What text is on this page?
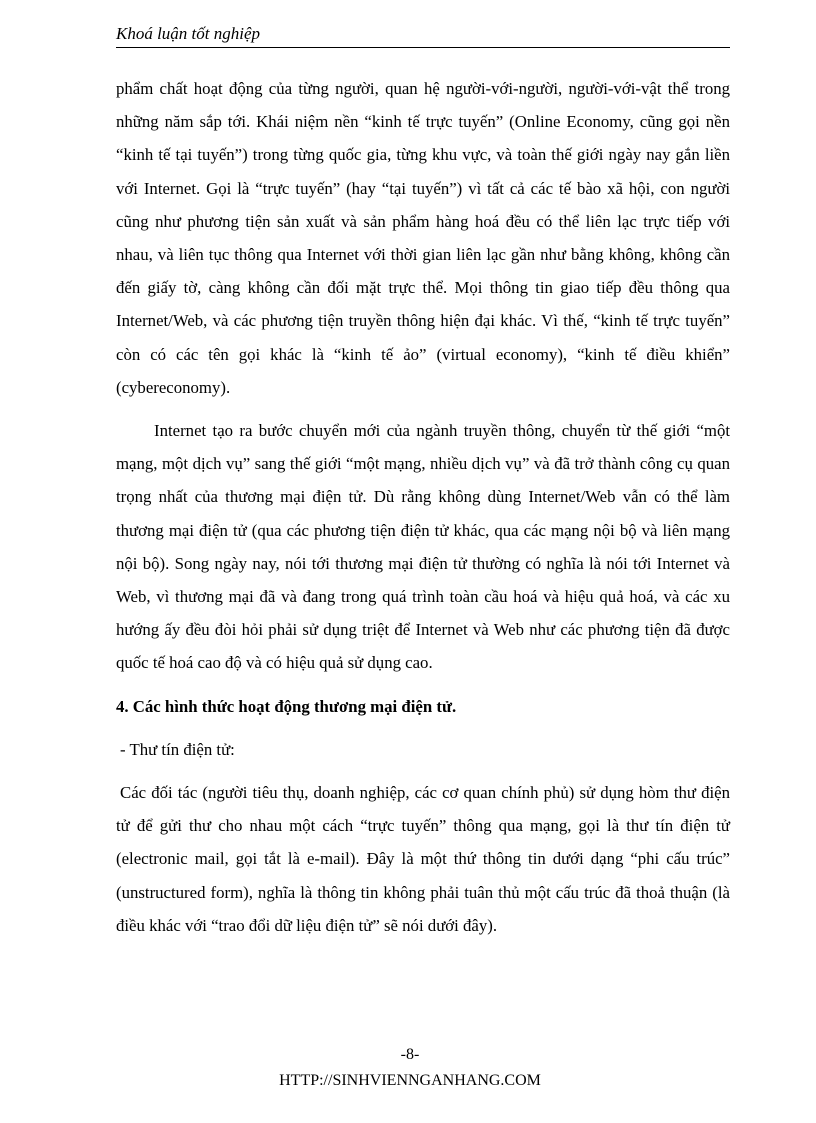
Khoá luận tốt nghiệp

phẩm chất hoạt động của từng người, quan hệ người-với-người, người-với-vật thể trong những năm sắp tới. Khái niệm nền “kinh tế trực tuyến” (Online Economy, cũng gọi nền “kinh tế tại tuyến”) trong từng quốc gia, từng khu vực, và toàn thế giới ngày nay gắn liền với Internet. Gọi là “trực tuyến” (hay “tại tuyến”) vì tất cả các tế bào xã hội, con người cũng như phương tiện sản xuất và sản phẩm hàng hoá đều có thể liên lạc trực tiếp với nhau, và liên tục thông qua Internet với thời gian liên lạc gần như bằng không, không cần đến giấy tờ, càng không cần đối mặt trực thể. Mọi thông tin giao tiếp đều thông qua Internet/Web, và các phương tiện truyền thông hiện đại khác. Vì thế, “kinh tế trực tuyến” còn có các tên gọi khác là “kinh tế ảo” (virtual economy), “kinh tế điều khiển” (cybereconomy).

Internet tạo ra bước chuyển mới của ngành truyền thông, chuyển từ thế giới “một mạng, một dịch vụ” sang thế giới “một mạng, nhiều dịch vụ” và đã trở thành công cụ quan trọng nhất của thương mại điện tử. Dù rằng không dùng Internet/Web vẫn có thể làm thương mại điện tử (qua các phương tiện điện tử khác, qua các mạng nội bộ và liên mạng nội bộ). Song ngày nay, nói tới thương mại điện tử thường có nghĩa là nói tới Internet và Web, vì thương mại đã và đang trong quá trình toàn cầu hoá và hiệu quả hoá, và các xu hướng ấy đều đòi hỏi phải sử dụng triệt để Internet và Web như các phương tiện đã được quốc tế hoá cao độ và có hiệu quả sử dụng cao.

4. Các hình thức hoạt động thương mại điện tử.

- Thư tín điện tử:

Các đối tác (người tiêu thụ, doanh nghiệp, các cơ quan chính phủ) sử dụng hòm thư điện tử để gửi thư cho nhau một cách “trực tuyến” thông qua mạng, gọi là thư tín điện tử (electronic mail, gọi tắt là e-mail). Đây là một thứ thông tin dưới dạng “phi cấu trúc” (unstructured form), nghĩa là thông tin không phải tuân thủ một cấu trúc đã thoả thuận (là điều khác với “trao đổi dữ liệu điện tử” sẽ nói dưới đây).

-8-
HTTP://SINHVIENNGANHANG.COM
